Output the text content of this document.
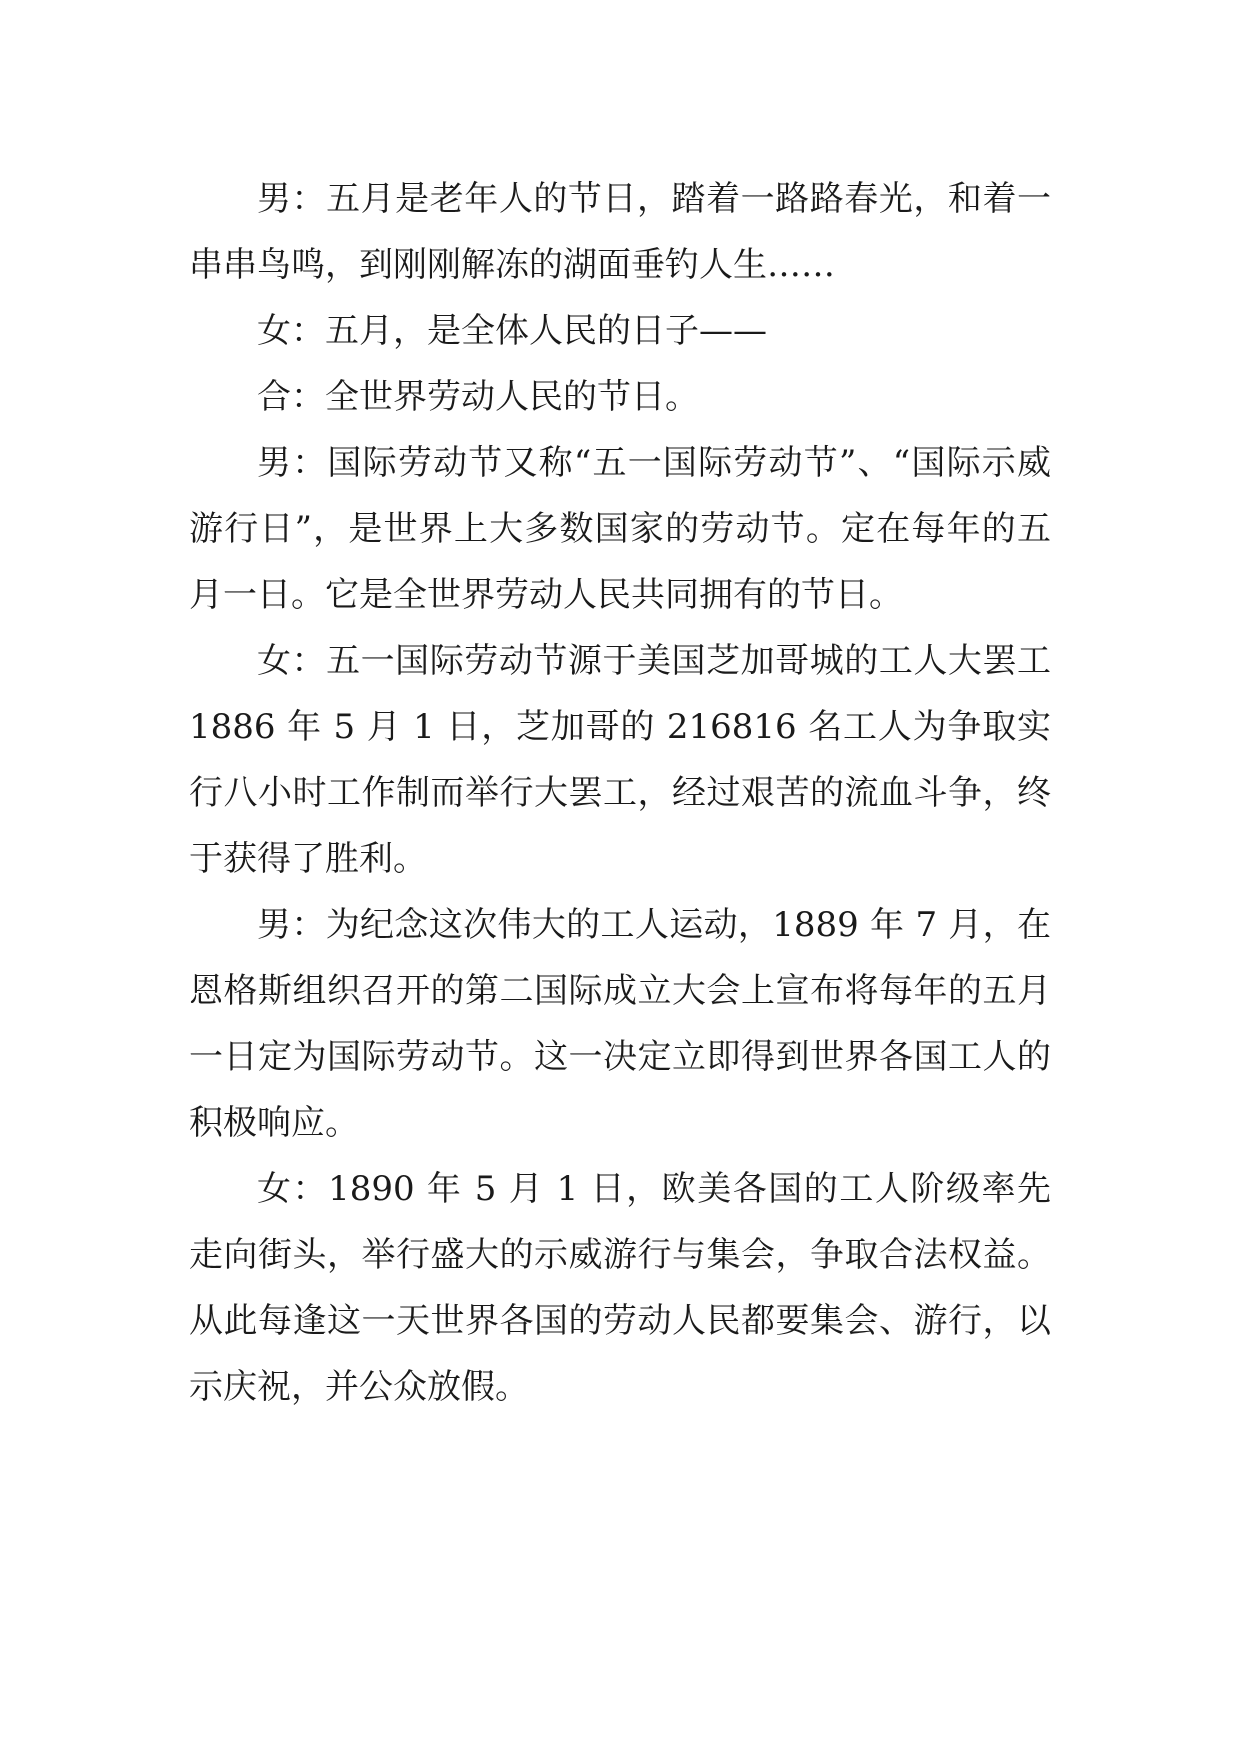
男：五月是老年人的节日，踏着一路路春光，和着一串串鸟鸣，到刚刚解冻的湖面垂钓人生……

女：五月，是全体人民的日子——

合：全世界劳动人民的节日。

男：国际劳动节又称“五一国际劳动节”、“国际示威游行日”，是世界上大多数国家的劳动节。定在每年的五月一日。它是全世界劳动人民共同拥有的节日。

女：五一国际劳动节源于美国芝加哥城的工人大罢工1886 年 5 月 1 日，芝加哥的 216816 名工人为争取实行八小时工作制而举行大罢工，经过艰苦的流血斗争，终于获得了胜利。

男：为纪念这次伟大的工人运动，1889 年 7 月，在恩格斯组织召开的第二国际成立大会上宣布将每年的五月一日定为国际劳动节。这一决定立即得到世界各国工人的积极响应。

女：1890 年 5 月 1 日，欧美各国的工人阶级率先走向街头，举行盛大的示威游行与集会，争取合法权益。从此每逢这一天世界各国的劳动人民都要集会、游行，以示庆祝，并公众放假。
